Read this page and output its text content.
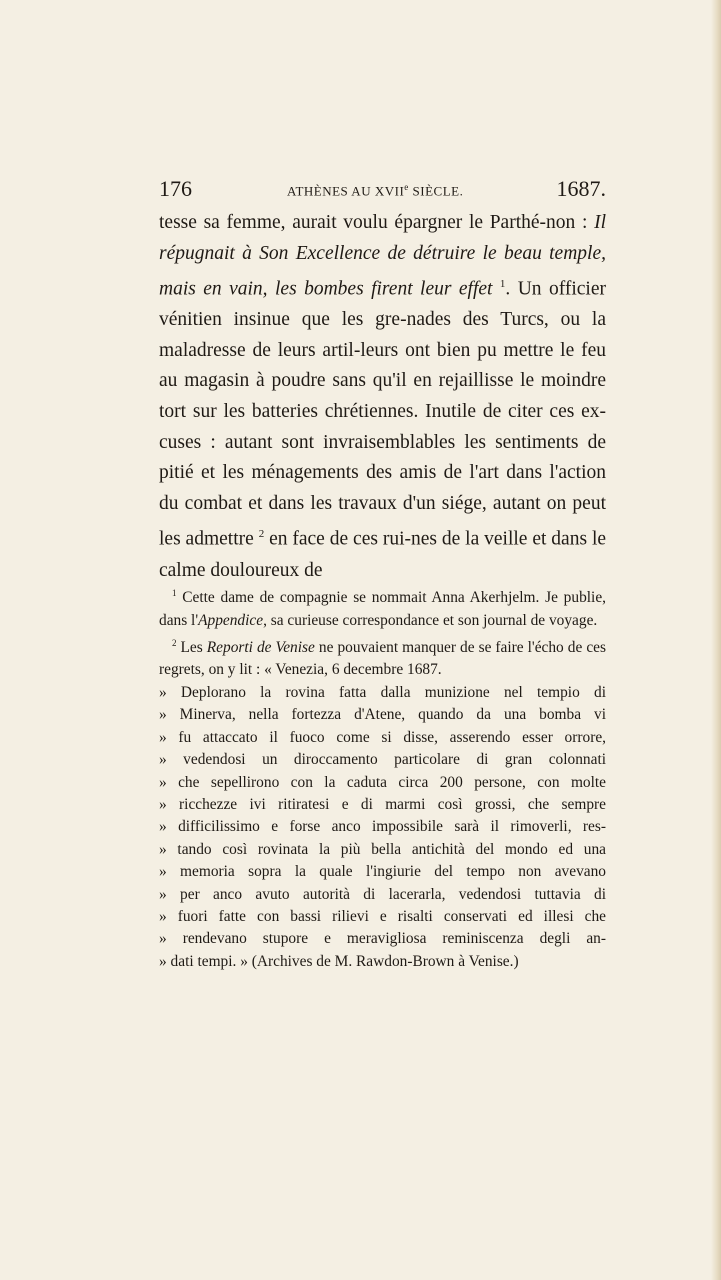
176	ATHÈNES AU XVIIe SIÈCLE.	1687.

tesse sa femme, aurait voulu épargner le Parthé-non : Il répugnait à Son Excellence de détruire le beau temple, mais en vain, les bombes firent leur effet $^1$. Un officier vénitien insinue que les gre-nades des Turcs, ou la maladresse de leurs artil-leurs ont bien pu mettre le feu au magasin à poudre sans qu'il en rejaillisse le moindre tort sur les batteries chrétiennes. Inutile de citer ces ex-cuses : autant sont invraisemblables les sentiments de pitié et les ménagements des amis de l'art dans l'action du combat et dans les travaux d'un siége, autant on peut les admettre $^2$ en face de ces rui-nes de la veille et dans le calme douloureux de

$^1$ Cette dame de compagnie se nommait Anna Akerhjelm. Je publie, dans l'Appendice, sa curieuse correspondance et son journal de voyage.

$^2$ Les Reporti de Venise ne pouvaient manquer de se faire l'écho de ces regrets, on y lit : « Venezia, 6 decembre 1687.

» Deplorano la rovina fatta dalla munizione nel tempio di
» Minerva, nella fortezza d'Atene, quando da una bomba vi
» fu attaccato il fuoco come si disse, asserendo esser orrore,
» vedendosi un diroccamento particolare di gran colonnati
» che sepellirono con la caduta circa 200 persone, con molte
» ricchezze ivi ritiratesi e di marmi così grossi, che sempre
» difficilissimo e forse anco impossibile sarà il rimoverli, res-
» tando così rovinata la più bella antichità del mondo ed una
» memoria sopra la quale l'ingiurie del tempo non avevano
» per anco avuto autorità di lacerarla, vedendosi tuttavia di
» fuori fatte con bassi rilievi e risalti conservati ed illesi che
» rendevano stupore e meravigliosa reminiscenza degli an-
» dati tempi. » (Archives de M. Rawdon-Brown à Venise.)
